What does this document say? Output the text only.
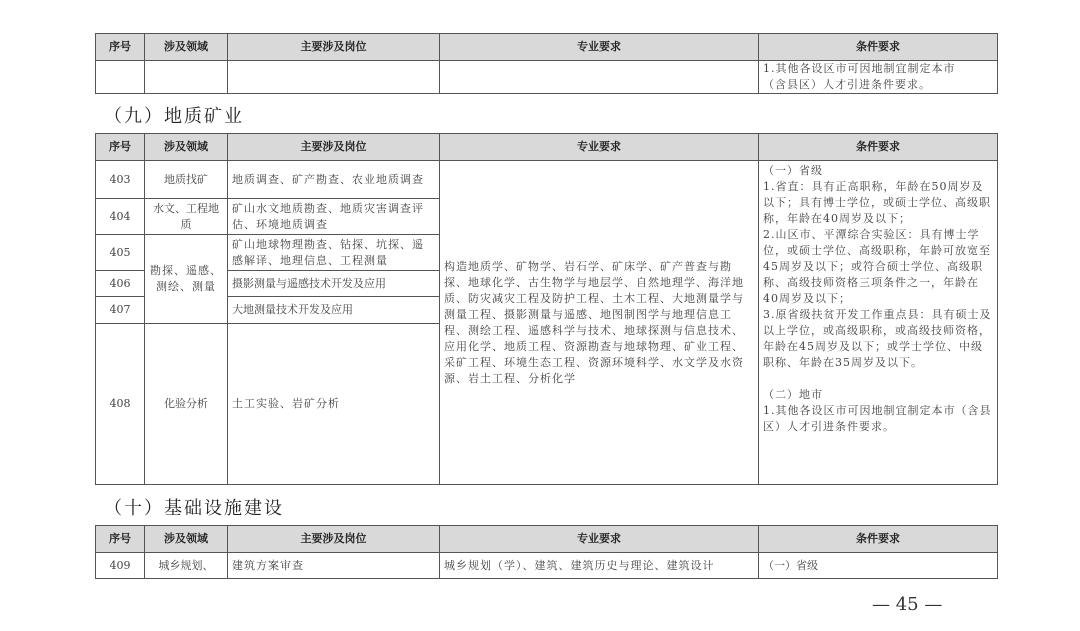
序号	涉及领域	主要涉及岗位	专业要求	条件要求

				1.其他各设区市可因地制宜制定本市
（含县区）人才引进条件要求。
（九）地质矿业
序号	涉及领域	主要涉及岗位	专业要求	条件要求
403	地质找矿	地质调查、矿产勘查、农业地质调查	构造地质学、矿物学、岩石学、矿床学、矿产普查与勘探、地球化学、古生物学与地层学、自然地理学、海洋地质、防灾减灾工程及防护工程、土木工程、大地测量学与测量工程、摄影测量与遥感、地图制图学与地理信息工程、测绘工程、遥感科学与技术、地球探测与信息技术、应用化学、地质工程、资源勘查与地球物理、矿业工程、采矿工程、环境生态工程、资源环境科学、水文学及水资源、岩土工程、分析化学	
（一）省级
1.省直：具有正高职称，年龄在50周岁及以下；具有博士学位，或硕士学位、高级职称，年龄在40周岁及以下；
2.山区市、平潭综合实验区：具有博士学位，或硕士学位、高级职称，年龄可放宽至45周岁及以下；或符合硕士学位、高级职称、高级技师资格三项条件之一，年龄在40周岁及以下；
3.原省级扶贫开发工作重点县：具有硕士及以上学位，或高级职称，或高级技师资格，年龄在45周岁及以下；或学士学位、中级职称、年龄在35周岁及以下。
（二）地市
1.其他各设区市可因地制宜制定本市（含县区）人才引进条件要求。

404	水文、工程地质	矿山水文地质勘查、地质灾害调查评估、环境地质调查		
405	勘探、遥感、测绘、测量	矿山地球物理勘查、钻探、坑探、遥感解译、地理信息、工程测量		
406		摄影测量与遥感技术开发及应用		
407		大地测量技术开发及应用		
408	化验分析	土工实验、岩矿分析		
（十）基础设施建设
序号	涉及领域	主要涉及岗位	专业要求	条件要求
409	城乡规划、	建筑方案审查	城乡规划（学）、建筑、建筑历史与理论、建筑设计	（一）省级
— 45 —
